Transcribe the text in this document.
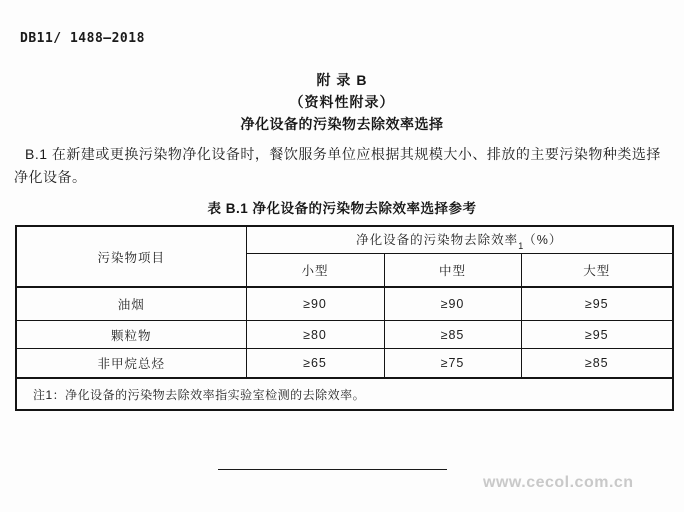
DB11/ 1488—2018
附 录 B
（资料性附录）
净化设备的污染物去除效率选择
B.1 在新建或更换污染物净化设备时，餐饮服务单位应根据其规模大小、排放的主要污染物种类选择
净化设备。
表 B.1 净化设备的污染物去除效率选择参考
污染物项目	净化设备的污染物去除效率$_1$（%）		
	小型	中型	大型
油烟	≥90	≥90	≥95
颗粒物	≥80	≥85	≥95
非甲烷总烃	≥65	≥75	≥85
注1：净化设备的污染物去除效率指实验室检测的去除效率。			
www.cecol.com.cn
